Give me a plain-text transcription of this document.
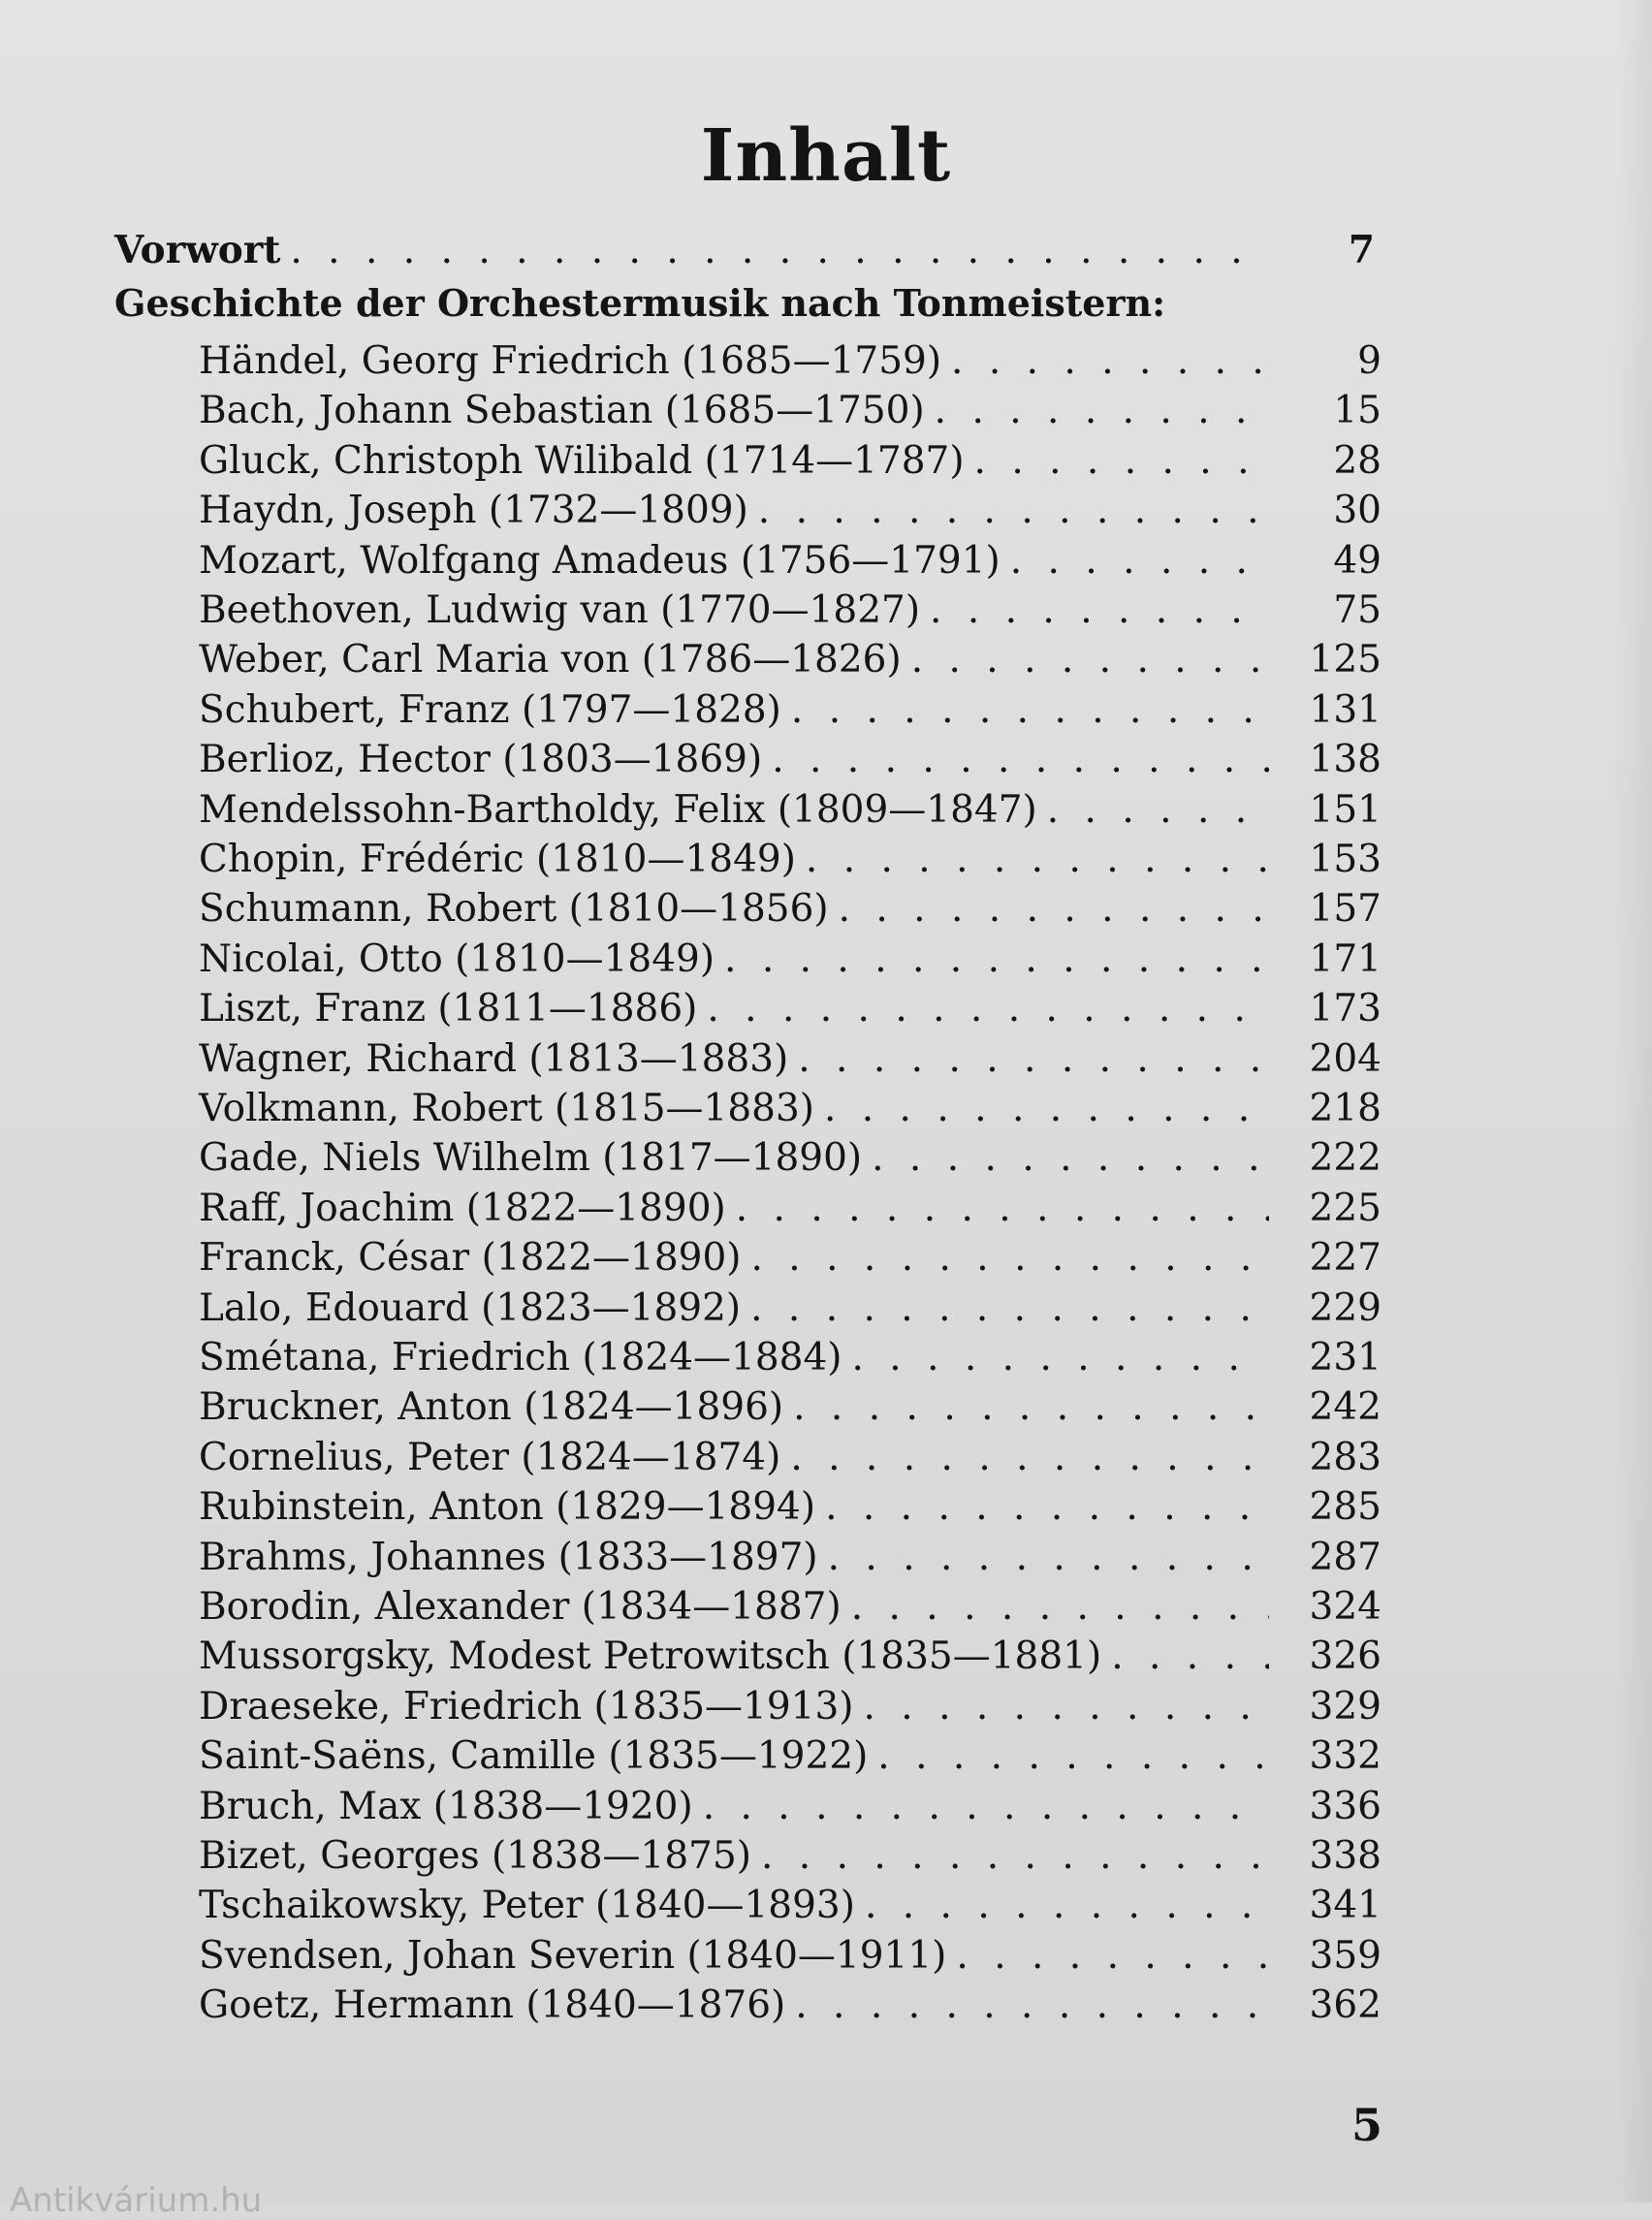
Inhalt
Vorwort . . .	7
Geschichte der Orchestermusik nach Tonmeistern:
Händel, Georg Friedrich (1685—1759) . . .	9
Bach, Johann Sebastian (1685—1750) . . .	15
Gluck, Christoph Wilibald (1714—1787) . . .	28
Haydn, Joseph (1732—1809) . . .	30
Mozart, Wolfgang Amadeus (1756—1791) . . .	49
Beethoven, Ludwig van (1770—1827) . . .	75
Weber, Carl Maria von (1786—1826) . . .	125
Schubert, Franz (1797—1828) . . .	131
Berlioz, Hector (1803—1869) . . .	138
Mendelssohn-Bartholdy, Felix (1809—1847) . . .	151
Chopin, Frédéric (1810—1849) . . .	153
Schumann, Robert (1810—1856) . . .	157
Nicolai, Otto (1810—1849) . . .	171
Liszt, Franz (1811—1886) . . .	173
Wagner, Richard (1813—1883) . . .	204
Volkmann, Robert (1815—1883) . . .	218
Gade, Niels Wilhelm (1817—1890) . . .	222
Raff, Joachim (1822—1890) . . .	225
Franck, César (1822—1890) . . .	227
Lalo, Edouard (1823—1892) . . .	229
Smétana, Friedrich (1824—1884) . . .	231
Bruckner, Anton (1824—1896) . . .	242
Cornelius, Peter (1824—1874) . . .	283
Rubinstein, Anton (1829—1894) . . .	285
Brahms, Johannes (1833—1897) . . .	287
Borodin, Alexander (1834—1887) . . .	324
Mussorgsky, Modest Petrowitsch (1835—1881) . . .	326
Draeseke, Friedrich (1835—1913) . . .	329
Saint-Saëns, Camille (1835—1922) . . .	332
Bruch, Max (1838—1920) . . .	336
Bizet, Georges (1838—1875) . . .	338
Tschaikowsky, Peter (1840—1893) . . .	341
Svendsen, Johan Severin (1840—1911) . . .	359
Goetz, Hermann (1840—1876) . . .	362
5
Antikvárium.hu
